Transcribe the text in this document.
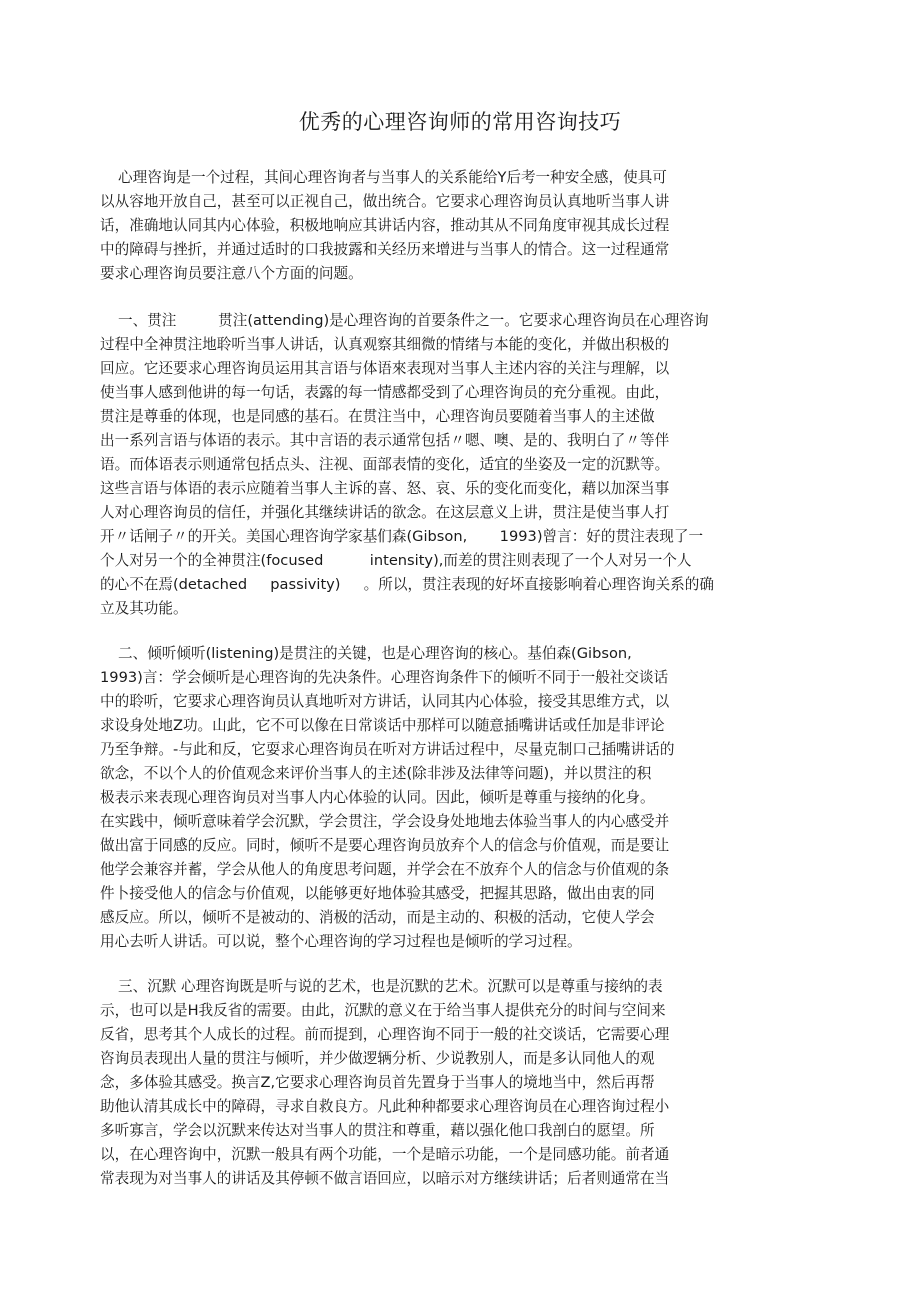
优秀的心理咨询师的常用咨询技巧
心理咨询是一个过程，其间心理咨询者与当事人的关系能给Y后考一种安全感，使具可
以从容地开放自己，甚至可以正视自己，做出统合。它要求心理咨询员认真地听当事人讲
话，准确地认同其内心体验，积极地响应其讲话内容，推动其从不同角度审视其成长过程
中的障碍与挫折，并通过适时的口我披露和关经历来增进与当事人的情合。这一过程通常
要求心理咨询员要注意八个方面的问题。
一、贯注         贯注(attending)是心理咨询的首要条件之一。它要求心理咨询员在心理咨询
过程中全神贯注地聆听当事人讲话，认真观察其细微的情绪与本能的变化，并做出积极的
回应。它还要求心理咨询员运用其言语与体语來表现对当事人主述内容的关注与理解，以
使当事人感到他讲的每一句话，表露的每一情感都受到了心理咨询员的充分重视。由此，
贯注是尊垂的体现，也是同感的基石。在贯注当中，心理咨询员要随着当事人的主述做
出一系列言语与体语的表示。其中言语的表示通常包括〃嗯、噢、是的、我明白了〃等伴
语。而体语表示则通常包括点头、注视、面部表情的变化，适宜的坐姿及一定的沉默等。
这些言语与体语的表示应随着当事人主诉的喜、怒、哀、乐的变化而变化，藉以加深当事
人对心理咨询员的信任，并强化其继续讲话的欲念。在这层意义上讲，贯注是使当事人打
开〃话闸子〃的开关。美国心理咨询学家基们森(Gibson,       1993)曾言：好的贯注表现了一
个人对另一个的全神贯注(focused          intensity),而差的贯注则表现了一个人对另一个人
的心不在焉(detached     passivity)     。所以，贯注表现的好坏直接影响着心理咨询关系的确
立及其功能。
二、倾听倾听(listening)是贯注的关键，也是心理咨询的核心。基伯森(Gibson,
1993)言：学会倾听是心理咨询的先决条件。心理咨询条件下的倾听不同于一般社交谈话
中的聆听，它要求心理咨询员认真地听对方讲话，认同其内心体验，接受其思维方式，以
求设身处地Z功。山此，它不可以像在日常谈话中那样可以随意插嘴讲话或任加是非评论
乃至争辩。-与此和反，它耍求心理咨询员在听对方讲话过程中，尽量克制口己插嘴讲话的
欲念，不以个人的价值观念来评价当事人的主述(除非涉及法律等问题)，并以贯注的积
极表示来表现心理咨询员对当事人内心体验的认同。因此，倾听是尊重与接纳的化身。
在实践中，倾听意味着学会沉默，学会贯注，学会设身处地地去体验当事人的内心感受并
做出富于同感的反应。同时，倾听不是要心理咨询员放弃个人的信念与价值观，而是要让
他学会兼容并蓄，学会从他人的角度思考问题，并学会在不放弃个人的信念与价值观的条
件卜接受他人的信念与价值观，以能够更好地体验其感受，把握其思路，做出由衷的同
感反应。所以，倾听不是被动的、消极的活动，而是主动的、积极的活动，它使人学会
用心去听人讲话。可以说，整个心理咨询的学习过程也是倾听的学习过程。
三、沉默 心理咨询既是听与说的艺术，也是沉默的艺术。沉默可以是尊重与接纳的表
示，也可以是H我反省的需要。由此，沉默的意义在于给当事人提供充分的时间与空间来
反省，思考其个人成长的过程。前而提到，心理咨询不同于一般的社交谈话，它需要心理
咨询员表现出人量的贯注与倾听，并少做逻辆分析、少说教别人，而是多认同他人的观
念，多体验其感受。换言Z,它要求心理咨询员首先置身于当事人的境地当中，然后再帮
助他认清其成长中的障碍，寻求自救良方。凡此种种都要求心理咨询员在心理咨询过程小
多听寡言，学会以沉默来传达对当事人的贯注和尊重，藉以强化他口我剖白的愿望。所
以，在心理咨询中，沉默一般具有两个功能，一个是暗示功能，一个是同感功能。前者通
常表现为对当事人的讲话及其停顿不做言语回应，以暗示对方继续讲话；后者则通常在当
